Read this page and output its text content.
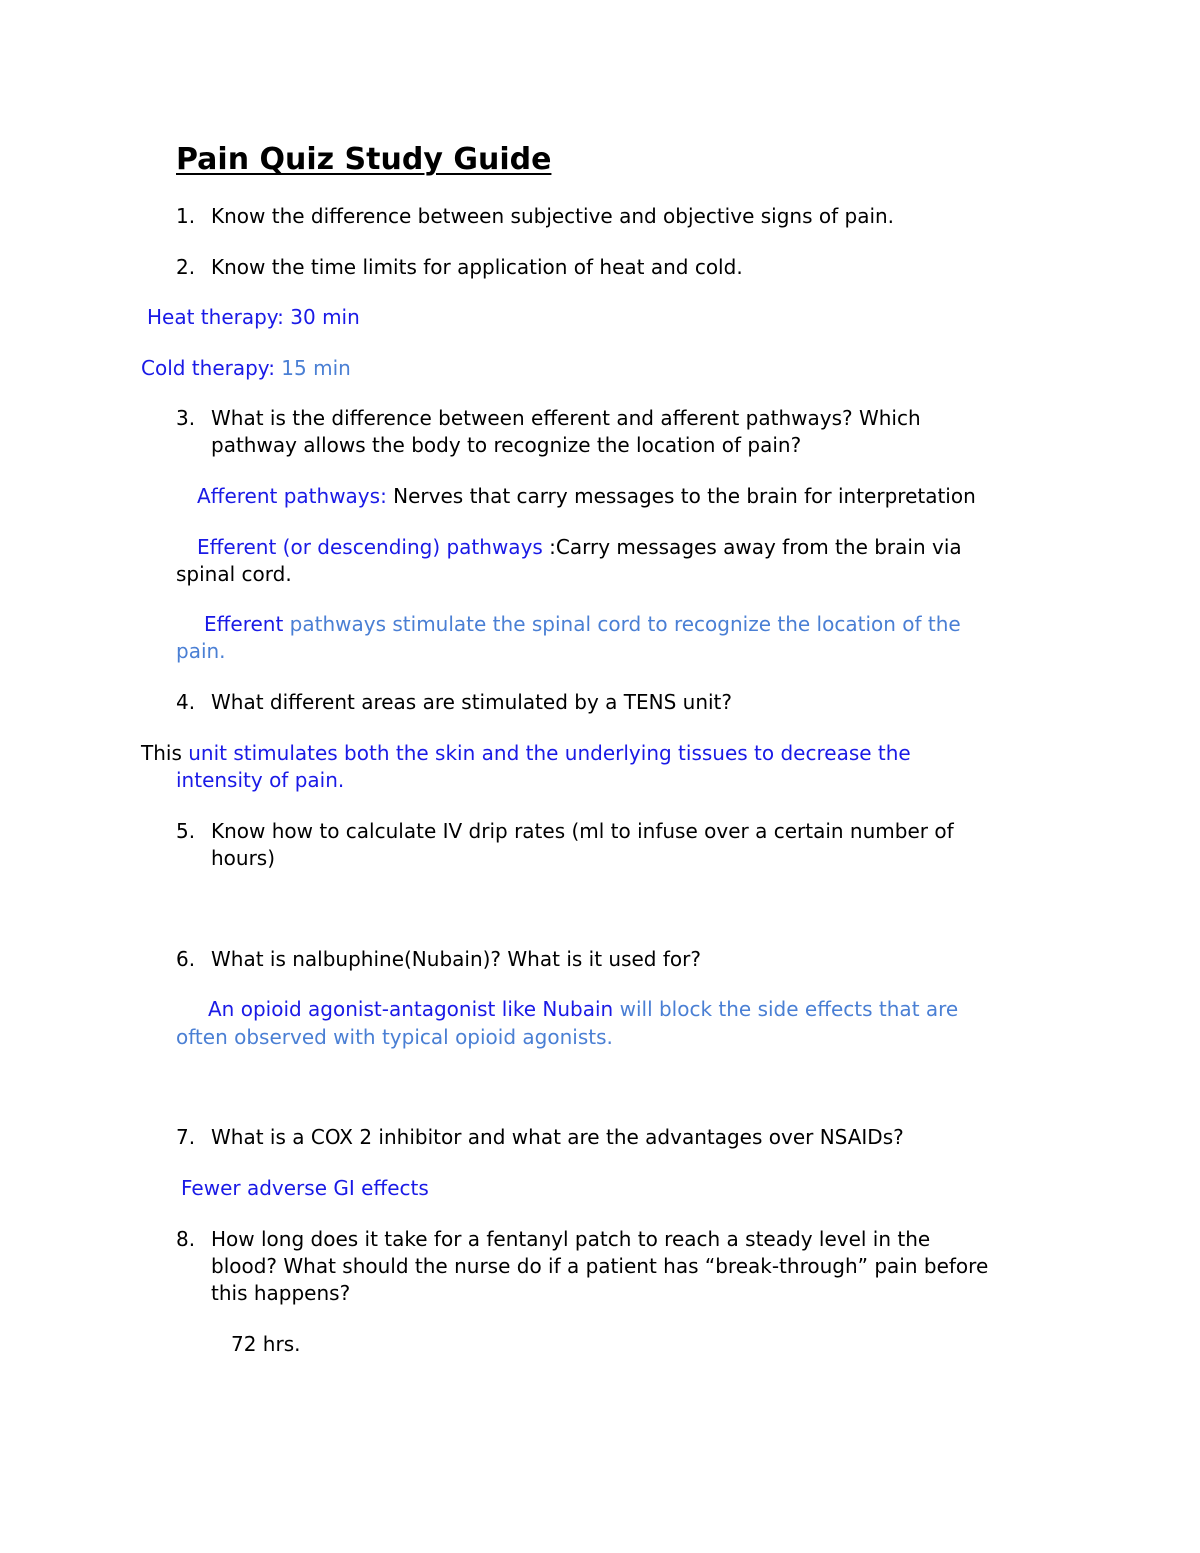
Pain Quiz Study Guide
1. Know the difference between subjective and objective signs of pain.
2. Know the time limits for application of heat and cold.
Heat therapy: 30 min
Cold therapy: 15 min
3. What is the difference between efferent and afferent pathways? Which
pathway allows the body to recognize the location of pain?
Afferent pathways: Nerves that carry messages to the brain for interpretation
Efferent (or descending) pathways :Carry messages away from the brain via
spinal cord.
Efferent pathways stimulate the spinal cord to recognize the location of the
pain.
4. What different areas are stimulated by a TENS unit?
This unit stimulates both the skin and the underlying tissues to decrease the
intensity of pain.
5. Know how to calculate IV drip rates (ml to infuse over a certain number of
hours)
6. What is nalbuphine(Nubain)? What is it used for?
An opioid agonist-antagonist like Nubain will block the side effects that are
often observed with typical opioid agonists.
7. What is a COX 2 inhibitor and what are the advantages over NSAIDs?
Fewer adverse GI effects
8. How long does it take for a fentanyl patch to reach a steady level in the
blood? What should the nurse do if a patient has “break-through” pain before
this happens?
72 hrs.
